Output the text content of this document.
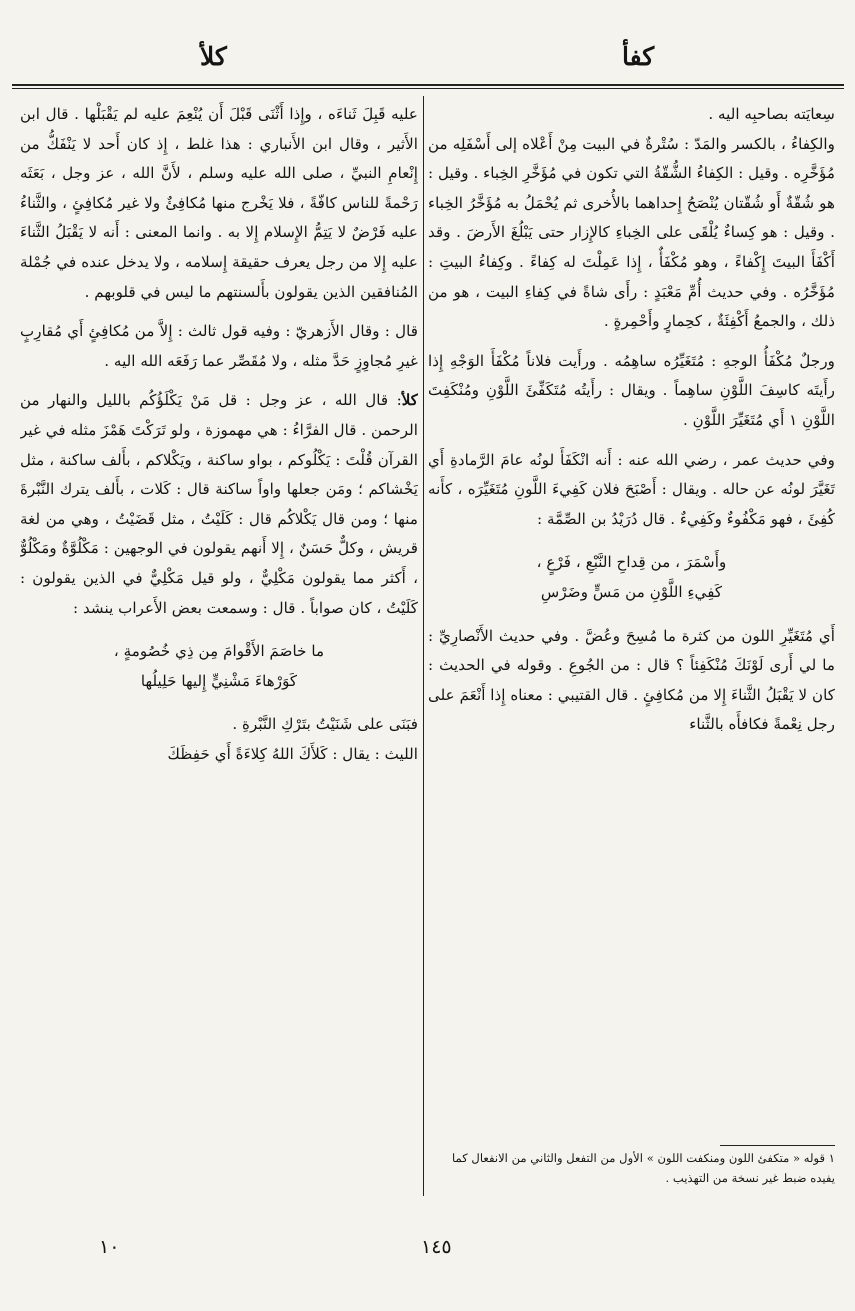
كلأ	كفأ

سِعايَته بصاحبِه اليه .

والكِفاءُ ، بالكسر والمَدّ : سُتْرةٌ في البيت مِنْ أَعْلاه إلى أَسْفَلِه من مُؤَخَّرِه . وقيل : الكِفاءُ الشُّقّةُ التي تكون في مُؤَخَّرِ الخِباء . وقيل : هو شُقّةٌ أَو شُقّتان يُنْصَحُ إِحداهما بالأُخرى ثم يُحْمَلُ به مُؤَخَّرُ الخِباء . وقيل : هو كِساءٌ يُلْقَى على الخِباءِ كالإِزار حتى يَبْلُغَ الأَرضَ . وقد أَكْفَأَ البيتَ إِكْفاءً ، وهو مُكْفَأٌ ، إِذا عَمِلْتَ له كِفاءً . وكِفاءُ البيتِ : مُؤَخَّرُه . وفي حديث أُمِّ مَعْبَدٍ : رأَى شاةً في كِفاءِ البيت ، هو من ذلك ، والجمعُ أَكْفِئَةٌ ، كحِمارٍ وأَحْمِرةٍ .

ورجلٌ مُكْفَأُ الوجهِ : مُتَغَيِّرُه ساهِمُه . ورأَيت فلاناً مُكْفَأَ الوَجْهِ إِذا رأَيتَه كاسِفَ اللَّوْنِ ساهِماً . ويقال : رأَيتُه مُتَكَفِّئَ اللَّوْنِ ومُنْكَفِتَ اللَّوْنِ ١ أَي مُتَغَيِّرَ اللَّوْنِ .

وفي حديث عمر ، رضي الله عنه : أَنه انْكَفَأَ لونُه عامَ الرَّمادةِ أَي تَغَيَّرَ لونُه عن حاله . ويقال : أَصْبَحَ فلان كَفِيءَ اللَّونِ مُتَغَيِّرَه ، كأَنه كُفِئَ ، فهو مَكْفُوءٌ وكَفِيءٌ . قال دُرَيْدُ بن الصِّمَّة :

وأَسْمَرَ ، من قِداحِ النَّبْعِ ، فَرْعٍ ،
كَفِيءِ اللَّوْنِ من مَسٍّ وضَرْسِ

أَي مُتَغَيِّرِ اللون من كثرة ما مُسِحَ وعُضَّ . وفي حديث الأَنْصارِيِّ : ما لي أَرى لَوْنَكَ مُنْكَفِئاً ؟ قال : من الجُوعِ . وقوله في الحديث : كان لا يَقْبَلُ الثَّناءَ إِلا من مُكافِئٍ . قال القتيبي : معناه إِذا أَنْعَمَ على رجل نِعْمةً فكافأَه بالثَّناء

عليه قَبِلَ ثَناءَه ، وإِذا أَثْنَى قَبْلَ أَن يُنْعِمَ عليه لم يَقْبَلْها . قال ابن الأَثير ، وقال ابن الأَنباري : هذا غلط ، إِذ كان أَحد لا يَنْفَكُّ من إِنْعامِ النبيِّ ، صلى الله عليه وسلم ، لأَنَّ الله ، عز وجل ، بَعَثَه رَحْمةً للناس كافّةً ، فلا يَخْرج منها مُكافِئٌ ولا غير مُكافِئٍ ، والثَّناءُ عليه فَرْضٌ لا يَتِمُّ الإِسلام إِلا به . وانما المعنى : أَنه لا يَقْبَلُ الثَّناءَ عليه إِلا من رجل يعرف حقيقة إِسلامه ، ولا يدخل عنده في جُمْلة المُنافقين الذين يقولون بأَلسنتهم ما ليس في قلوبهم .

قال : وقال الأَزهريّ : وفيه قول ثالث : إِلاَّ من مُكافِئٍ أَي مُقارِبٍ غيرِ مُجاوِزٍ حَدَّ مثله ، ولا مُقَصِّر عما رَفَعَه الله اليه .

كلأ: قال الله ، عز وجل : قل مَنْ يَكْلَؤُكُم بالليل والنهار من الرحمن . قال الفرَّاءُ : هي مهموزة ، ولو تَرَكْتَ هَمْزَ مثله في غير القرآن قُلْتَ : يَكْلُوكم ، بواو ساكنة ، ويَكْلاكم ، بأَلف ساكنة ، مثل يَخْشاكم ؛ ومَن جعلها واواً ساكنة قال : كَلات ، بأَلف يترك النَّبْرةَ منها ؛ ومن قال يَكْلاكُم قال : كَلَيْتُ ، مثل قَضَيْتُ ، وهي من لغة قريش ، وكلٌّ حَسَنٌ ، إِلا أَنهم يقولون في الوجهين : مَكْلُوَّةٌ ومَكْلُوٌّ ، أَكثر مما يقولون مَكْلِيٌّ ، ولو قيل مَكْلِيٌّ في الذين يقولون : كَلَيْتُ ، كان صواباً . قال : وسمعت بعض الأَعراب ينشد :

ما خاصَمَ الأَقْوامَ مِن ذِي خُصُومةٍ ،
كَوَرْهاءَ مَشْنِيٍّ إِليها حَلِيلُها

فبَنَى على شَنَيْتُ بتَرْكِ النَّبْرةِ .

الليث : يقال : كَلأَكَ اللهُ كِلاءَةً أَي حَفِظَكَ

١ قوله « متكفئ اللون ومنكفت اللون » الأول من التفعل والثاني من الانفعال كما يفيده ضبط غير نسخة من التهذيب .
١٠	١٤٥
